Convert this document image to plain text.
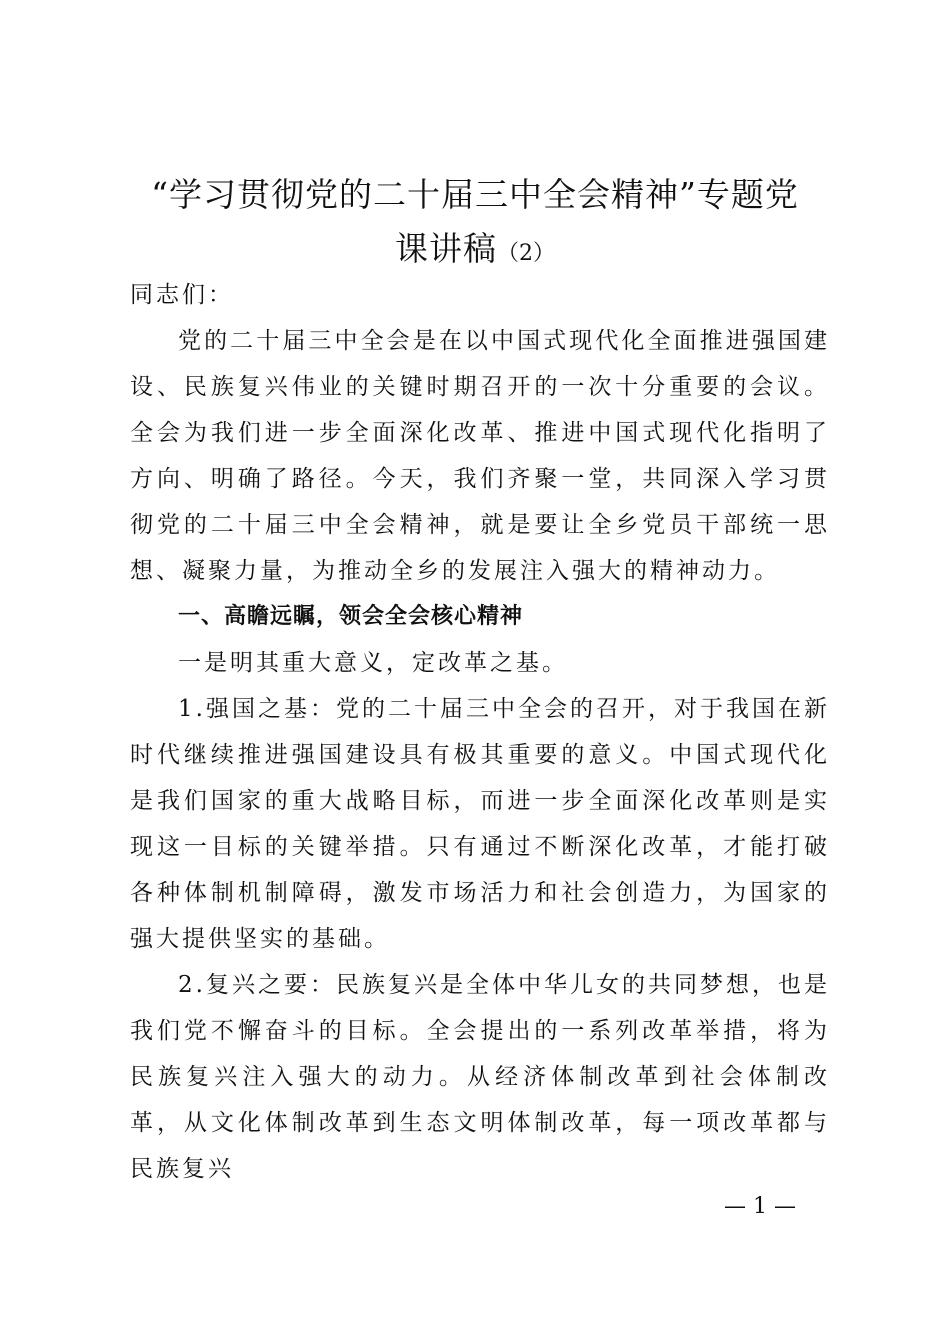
“学习贯彻党的二十届三中全会精神”专题党
课讲稿（2）

同志们：

党的二十届三中全会是在以中国式现代化全面推进强国建设、民族复兴伟业的关键时期召开的一次十分重要的会议。全会为我们进一步全面深化改革、推进中国式现代化指明了方向、明确了路径。今天，我们齐聚一堂，共同深入学习贯彻党的二十届三中全会精神，就是要让全乡党员干部统一思想、凝聚力量，为推动全乡的发展注入强大的精神动力。

一、高瞻远瞩，领会全会核心精神

一是明其重大意义，定改革之基。

1.强国之基：党的二十届三中全会的召开，对于我国在新时代继续推进强国建设具有极其重要的意义。中国式现代化是我们国家的重大战略目标，而进一步全面深化改革则是实现这一目标的关键举措。只有通过不断深化改革，才能打破各种体制机制障碍，激发市场活力和社会创造力，为国家的强大提供坚实的基础。

2.复兴之要：民族复兴是全体中华儿女的共同梦想，也是我们党不懈奋斗的目标。全会提出的一系列改革举措，将为民族复兴注入强大的动力。从经济体制改革到社会体制改革，从文化体制改革到生态文明体制改革，每一项改革都与民族复兴

— 1 —
